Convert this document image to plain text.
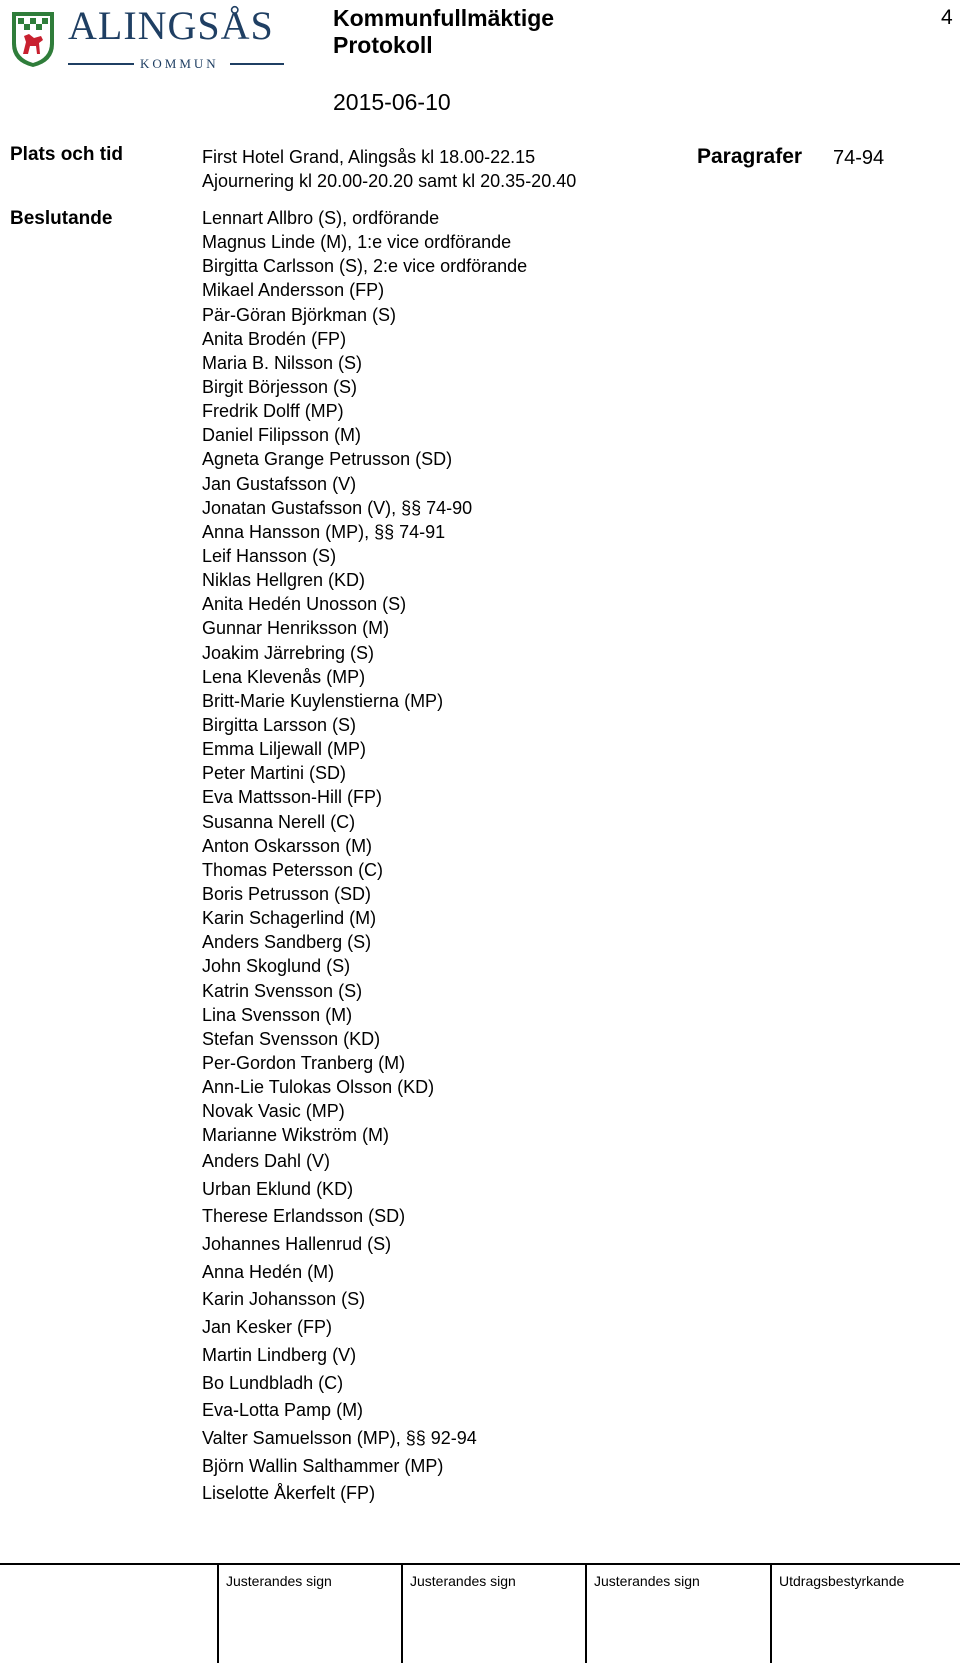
ALINGSÅS
KOMMUN
Kommunfullmäktige
Protokoll
2015-06-10
4
Plats och tid	First Hotel Grand, Alingsås kl 18.00-22.15
Ajournering kl 20.00-20.20 samt kl 20.35-20.40
Paragrafer 74-94
Beslutande	Lennart Allbro (S), ordförande
Magnus Linde (M), 1:e vice ordförande
Birgitta Carlsson (S), 2:e vice ordförande
Mikael Andersson (FP)
Pär-Göran Björkman (S)
Anita Brodén (FP)
Maria B. Nilsson (S)
Birgit Börjesson (S)
Fredrik Dolff (MP)
Daniel Filipsson (M)
Agneta Grange Petrusson (SD)
Jan Gustafsson (V)
Jonatan Gustafsson (V), §§ 74-90
Anna Hansson (MP), §§ 74-91
Leif Hansson (S)
Niklas Hellgren (KD)
Anita Hedén Unosson (S)
Gunnar Henriksson (M)
Joakim Järrebring (S)
Lena Klevenås (MP)
Britt-Marie Kuylenstierna (MP)
Birgitta Larsson (S)
Emma Liljewall (MP)
Peter Martini (SD)
Eva Mattsson-Hill (FP)
Susanna Nerell (C)
Anton Oskarsson (M)
Thomas Petersson (C)
Boris Petrusson (SD)
Karin Schagerlind (M)
Anders Sandberg (S)
John Skoglund (S)
Katrin Svensson (S)
Lina Svensson (M)
Stefan Svensson (KD)
Per-Gordon Tranberg (M)
Ann-Lie Tulokas Olsson (KD)
Novak Vasic (MP)
Marianne Wikström (M)
Anders Dahl (V)
Urban Eklund (KD)
Therese Erlandsson (SD)
Johannes Hallenrud (S)
Anna Hedén (M)
Karin Johansson (S)
Jan Kesker (FP)
Martin Lindberg (V)
Bo Lundbladh (C)
Eva-Lotta Pamp (M)
Valter Samuelsson (MP), §§ 92-94
Björn Wallin Salthammer (MP)
Liselotte Åkerfelt (FP)
Justerandes sign	Justerandes sign	Justerandes sign	Utdragsbestyrkande
